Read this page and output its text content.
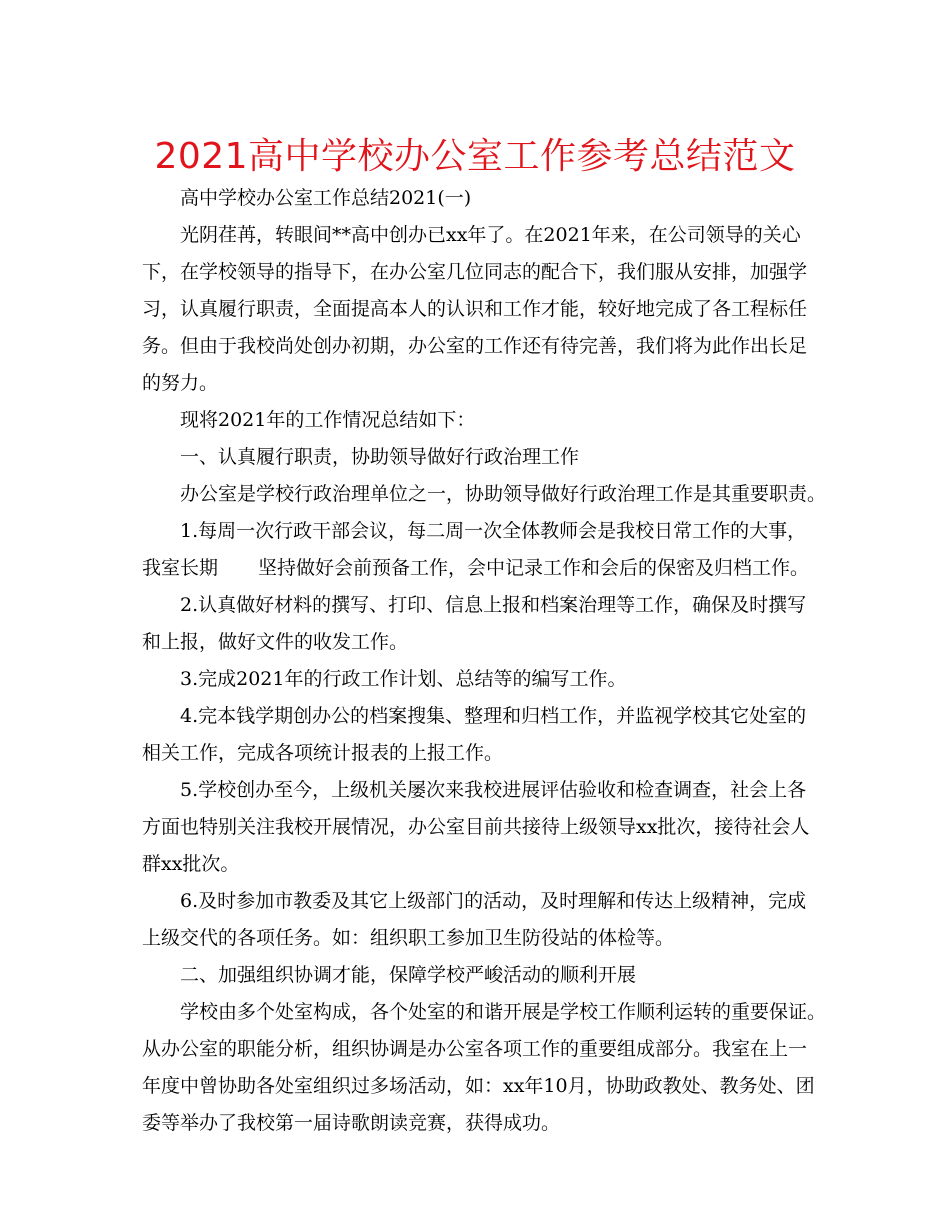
2021高中学校办公室工作参考总结范文
高中学校办公室工作总结2021(一)
光阴荏苒，转眼间**高中创办已xx年了。在2021年来，在公司领导的关心
下，在学校领导的指导下，在办公室几位同志的配合下，我们服从安排，加强学
习，认真履行职责，全面提高本人的认识和工作才能，较好地完成了各工程标任
务。但由于我校尚处创办初期，办公室的工作还有待完善，我们将为此作出长足
的努力。
现将2021年的工作情况总结如下：
一、认真履行职责，协助领导做好行政治理工作
办公室是学校行政治理单位之一，协助领导做好行政治理工作是其重要职责。
1.每周一次行政干部会议，每二周一次全体教师会是我校日常工作的大事，
我室长期 坚持做好会前预备工作，会中记录工作和会后的保密及归档工作。
2.认真做好材料的撰写、打印、信息上报和档案治理等工作，确保及时撰写
和上报，做好文件的收发工作。
3.完成2021年的行政工作计划、总结等的编写工作。
4.完本钱学期创办公的档案搜集、整理和归档工作，并监视学校其它处室的
相关工作，完成各项统计报表的上报工作。
5.学校创办至今，上级机关屡次来我校进展评估验收和检查调查，社会上各
方面也特别关注我校开展情况，办公室目前共接待上级领导xx批次，接待社会人
群xx批次。
6.及时参加市教委及其它上级部门的活动，及时理解和传达上级精神，完成
上级交代的各项任务。如：组织职工参加卫生防役站的体检等。
二、加强组织协调才能，保障学校严峻活动的顺利开展
学校由多个处室构成，各个处室的和谐开展是学校工作顺利运转的重要保证。
从办公室的职能分析，组织协调是办公室各项工作的重要组成部分。我室在上一
年度中曾协助各处室组织过多场活动，如：xx年10月，协助政教处、教务处、团
委等举办了我校第一届诗歌朗读竞赛，获得成功。
